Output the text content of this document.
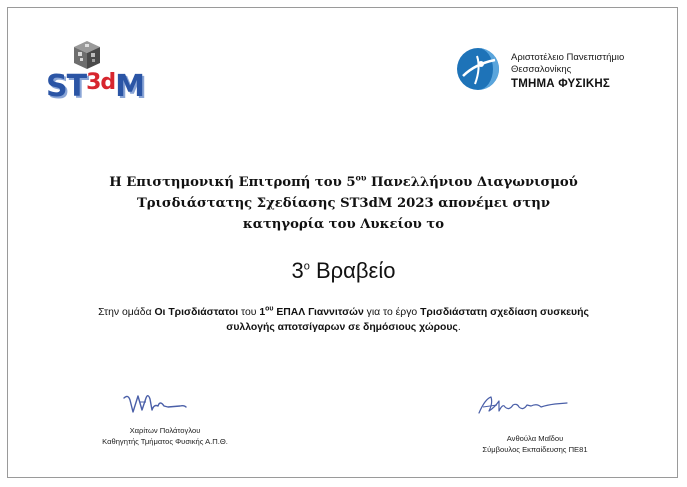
$ST^{3d}M$
Αριστοτέλειο Πανεπιστήμιο
Θεσσαλονίκης
ΤΜΗΜΑ ΦΥΣΙΚΗΣ
Η Επιστημονική Επιτροπή του $5^{o\upsilon}$ Πανελλήνιου Διαγωνισμού
Τρισδιάστατης Σχεδίασης ST3dM 2023 απονέμει στην
κατηγορία του Λυκείου το
$3^o$ Βραβείο
Στην ομάδα Οι Τρισδιάστατοι του $1^{o\upsilon}$ ΕΠΑΛ Γιαννιτσών για το έργο Τρισδιάστατη σχεδίαση συσκευής
συλλογής αποτσίγαρων σε δημόσιους χώρους.
Χαρίτων Πολάτογλου
Καθηγητής Τμήματος Φυσικής Α.Π.Θ.	Ανθούλα Μαΐδου
Σύμβουλος Εκπαίδευσης ΠΕ81
